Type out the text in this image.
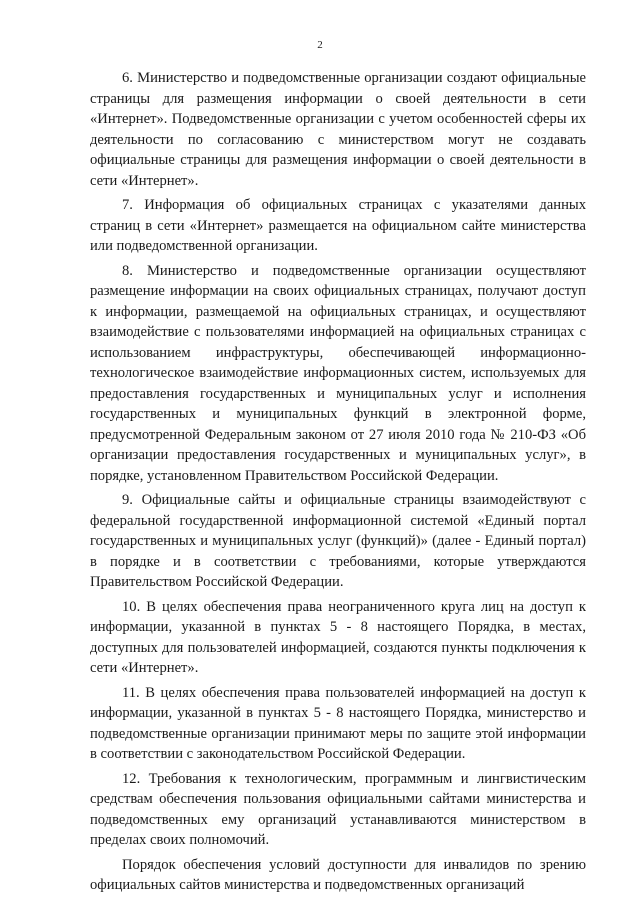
2

6. Министерство и подведомственные организации создают официальные страницы для размещения информации о своей деятельности в сети «Интернет». Подведомственные организации с учетом особенностей сферы их деятельности по согласованию с министерством могут не создавать официальные страницы для размещения информации о своей деятельности в сети «Интернет».

7. Информация об официальных страницах с указателями данных страниц в сети «Интернет» размещается на официальном сайте министерства или подведомственной организации.

8. Министерство и подведомственные организации осуществляют размещение информации на своих официальных страницах, получают доступ к информации, размещаемой на официальных страницах, и осуществляют взаимодействие с пользователями информацией на официальных страницах с использованием инфраструктуры, обеспечивающей информационно-технологическое взаимодействие информационных систем, используемых для предоставления государственных и муниципальных услуг и исполнения государственных и муниципальных функций в электронной форме, предусмотренной Федеральным законом от 27 июля 2010 года № 210-ФЗ «Об организации предоставления государственных и муниципальных услуг», в порядке, установленном Правительством Российской Федерации.

9. Официальные сайты и официальные страницы взаимодействуют с федеральной государственной информационной системой «Единый портал государственных и муниципальных услуг (функций)» (далее - Единый портал) в порядке и в соответствии с требованиями, которые утверждаются Правительством Российской Федерации.

10. В целях обеспечения права неограниченного круга лиц на доступ к информации, указанной в пунктах 5 - 8 настоящего Порядка, в местах, доступных для пользователей информацией, создаются пункты подключения к сети «Интернет».

11. В целях обеспечения права пользователей информацией на доступ к информации, указанной в пунктах 5 - 8 настоящего Порядка, министерство и подведомственные организации принимают меры по защите этой информации в соответствии с законодательством Российской Федерации.

12. Требования к технологическим, программным и лингвистическим средствам обеспечения пользования официальными сайтами министерства и подведомственных ему организаций устанавливаются министерством в пределах своих полномочий.

Порядок обеспечения условий доступности для инвалидов по зрению официальных сайтов министерства и подведомственных организаций
